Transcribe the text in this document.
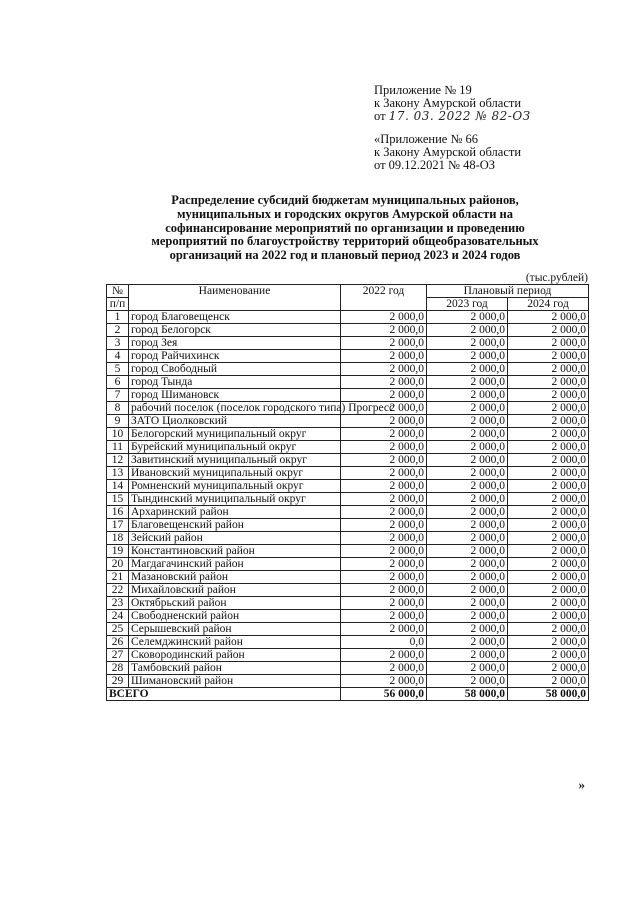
Приложение № 19
к Закону Амурской области
от 17. 03. 2022 № 82-ОЗ
«Приложение № 66
к Закону Амурской области
от 09.12.2021 № 48-ОЗ
Распределение субсидий бюджетам муниципальных районов,
муниципальных и городских округов Амурской области на
софинансирование мероприятий по организации и проведению
мероприятий по благоустройству территорий общеобразовательных
организаций на 2022 год и плановый период 2023 и 2024 годов
(тыс.рублей)
№	Наименование	2022 год	Плановый период	
п/п			2023 год	2024 год
1	город Благовещенск	2 000,0	2 000,0	2 000,0
2	город Белогорск	2 000,0	2 000,0	2 000,0
3	город Зея	2 000,0	2 000,0	2 000,0
4	город Райчихинск	2 000,0	2 000,0	2 000,0
5	город Свободный	2 000,0	2 000,0	2 000,0
6	город Тында	2 000,0	2 000,0	2 000,0
7	город Шимановск	2 000,0	2 000,0	2 000,0
8	рабочий поселок (поселок городского типа) Прогресс	2 000,0	2 000,0	2 000,0
9	ЗАТО Циолковский	2 000,0	2 000,0	2 000,0
10	Белогорский муниципальный округ	2 000,0	2 000,0	2 000,0
11	Бурейский муниципальный округ	2 000,0	2 000,0	2 000,0
12	Завитинский муниципальный округ	2 000,0	2 000,0	2 000,0
13	Ивановский муниципальный округ	2 000,0	2 000,0	2 000,0
14	Ромненский муниципальный округ	2 000,0	2 000,0	2 000,0
15	Тындинский муниципальный округ	2 000,0	2 000,0	2 000,0
16	Архаринский район	2 000,0	2 000,0	2 000,0
17	Благовещенский район	2 000,0	2 000,0	2 000,0
18	Зейский район	2 000,0	2 000,0	2 000,0
19	Константиновский район	2 000,0	2 000,0	2 000,0
20	Магдагачинский район	2 000,0	2 000,0	2 000,0
21	Мазановский район	2 000,0	2 000,0	2 000,0
22	Михайловский район	2 000,0	2 000,0	2 000,0
23	Октябрьский район	2 000,0	2 000,0	2 000,0
24	Свободненский район	2 000,0	2 000,0	2 000,0
25	Серышевский район	2 000,0	2 000,0	2 000,0
26	Селемджинский район	0,0	2 000,0	2 000,0
27	Сковородинский район	2 000,0	2 000,0	2 000,0
28	Тамбовский район	2 000,0	2 000,0	2 000,0
29	Шимановский район	2 000,0	2 000,0	2 000,0
ВСЕГО		56 000,0	58 000,0	58 000,0
»
